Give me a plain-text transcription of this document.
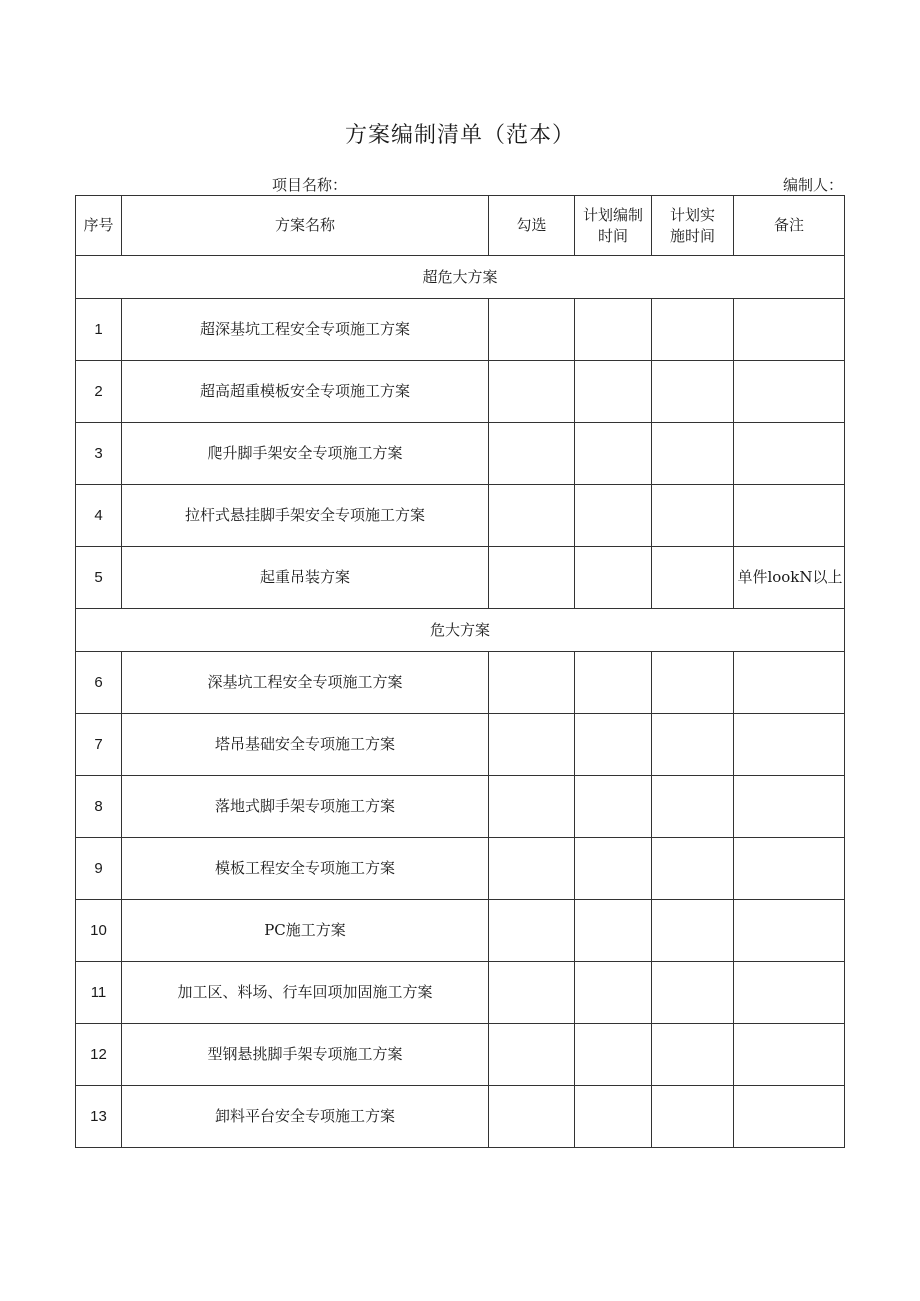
方案编制清单（范本）
项目名称：	编制人：
序号	方案名称	勾选	计划编制时间	计划实施时间	备注
超危大方案					
1	超深基坑工程安全专项施工方案				
2	超高超重模板安全专项施工方案				
3	爬升脚手架安全专项施工方案				
4	拉杆式悬挂脚手架安全专项施工方案				
5	起重吊装方案				单件lookN以上
危大方案					
6	深基坑工程安全专项施工方案				
7	塔吊基础安全专项施工方案				
8	落地式脚手架专项施工方案				
9	模板工程安全专项施工方案				
10	PC施工方案				
11	加工区、料场、行车回项加固施工方案				
12	型钢悬挑脚手架专项施工方案				
13	卸料平台安全专项施工方案				
